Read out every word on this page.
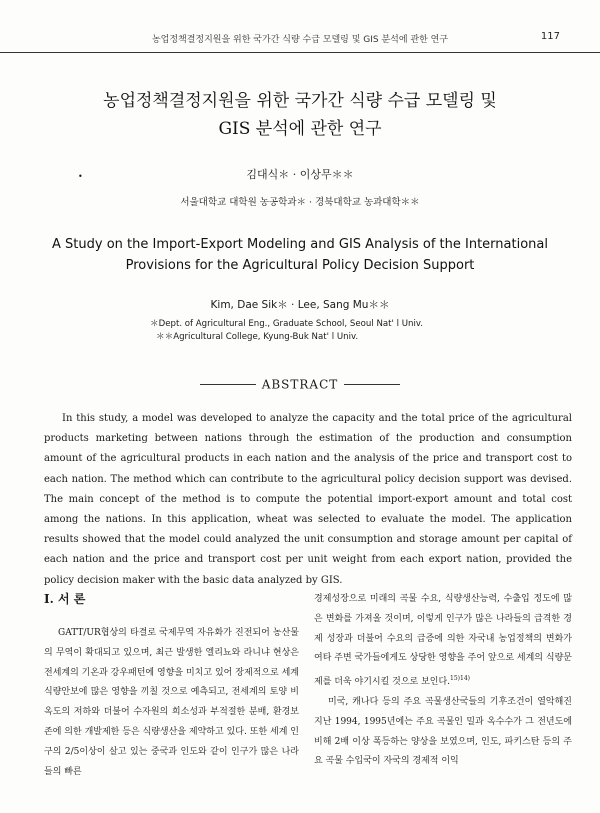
농업정책결정지원을 위한 국가간 식량 수급 모델링 및 GIS 분석에 관한 연구	117
농업정책결정지원을 위한 국가간 식량 수급 모델링 및
GIS 분석에 관한 연구
•	김대식＊ · 이상무＊＊
서울대학교 대학원 농공학과＊ · 경북대학교 농과대학＊＊
A Study on the Import-Export Modeling and GIS Analysis of the International
Provisions for the Agricultural Policy Decision Support
Kim, Dae Sik＊ · Lee, Sang Mu＊＊
＊Dept. of Agricultural Eng., Graduate School, Seoul Nat' l Univ.
＊＊Agricultural College, Kyung-Buk Nat' l Univ.
ABSTRACT

In this study, a model was developed to analyze the capacity and the total price of the agricultural products marketing between nations through the estimation of the production and consumption amount of the agricultural products in each nation and the analysis of the price and transport cost to each nation. The method which can contribute to the agricultural policy decision support was devised. The main concept of the method is to compute the potential import-export amount and total cost among the nations. In this application, wheat was selected to evaluate the model. The application results showed that the model could analyzed the unit consumption and storage amount per capital of each nation and the price and transport cost per unit weight from each export nation, provided the policy decision maker with the basic data analyzed by GIS.

Ⅰ. 서 론

GATT/UR협상의 타결로 국제무역 자유화가 진전되어 농산물의 무역이 확대되고 있으며, 최근 발생한 엘리뇨와 라니냐 현상은 전세계의 기온과 강우패턴에 영향을 미치고 있어 장제적으로 세계식량안보에 많은 영향을 끼칠 것으로 예측되고, 전세계의 토양 비옥도의 저하와 더불어 수자원의 희소성과 부적절한 분배, 환경보존에 의한 개발제한 등은 식량생산을 제약하고 있다. 또한 세계 인구의 2/5이상이 살고 있는 중국과 인도와 같이 인구가 많은 나라들의 빠른

경제성장으로 미래의 곡물 수요, 식량생산능력, 수출입 정도에 많은 변화를 가져올 것이며, 이렇게 인구가 많은 나라들의 급격한 경제 성장과 더불어 수요의 급증에 의한 자국내 농업정책의 변화가 여타 주변 국가들에게도 상당한 영향을 주어 앞으로 세계의 식량문제를 더욱 야기시킬 것으로 보인다.$^{15)14)}$

미국, 캐나다 등의 주요 곡물생산국들의 기후조건이 열악해진 지난 1994, 1995년에는 주요 곡물인 밀과 옥수수가 그 전년도에 비해 2배 이상 폭등하는 양상을 보였으며, 인도, 파키스탄 등의 주요 곡물 수입국이 자국의 경제적 이익
